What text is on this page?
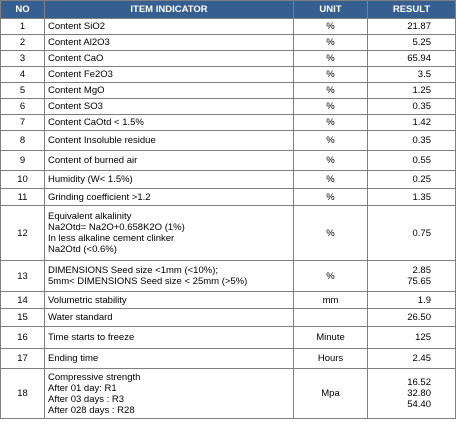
NO	ITEM INDICATOR	UNIT	RESULT
1	Content SiO2	%	21.87
2	Content Al2O3	%	5.25
3	Content CaO	%	65.94
4	Content Fe2O3	%	3.5
5	Content MgO	%	1.25
6	Content SO3	%	0.35
7	Content CaOtd < 1.5%	%	1.42
8	Content Insoluble residue	%	0.35
9	Content of burned air	%	0.55
10	Humidity (W< 1.5%)	%	0.25
11	Grinding coefficient >1.2	%	1.35
12	Equivalent alkalinity
Na2Otd= Na2O+0.658K2O (1%)
In less alkaline cement clinker
Na2Otd (<0.6%)	%	0.75
13	DIMENSIONS Seed size <1mm (<10%);
5mm< DIMENSIONS Seed size < 25mm (>5%)	%	2.85
75.65
14	Volumetric stability	mm	1.9
15	Water standard		26.50
16	Time starts to freeze	Minute	125
17	Ending time	Hours	2.45
18	Compressive strength
After 01 day: R1
After 03 days : R3
After 028 days : R28	Mpa	16.52
32.80
54.40
